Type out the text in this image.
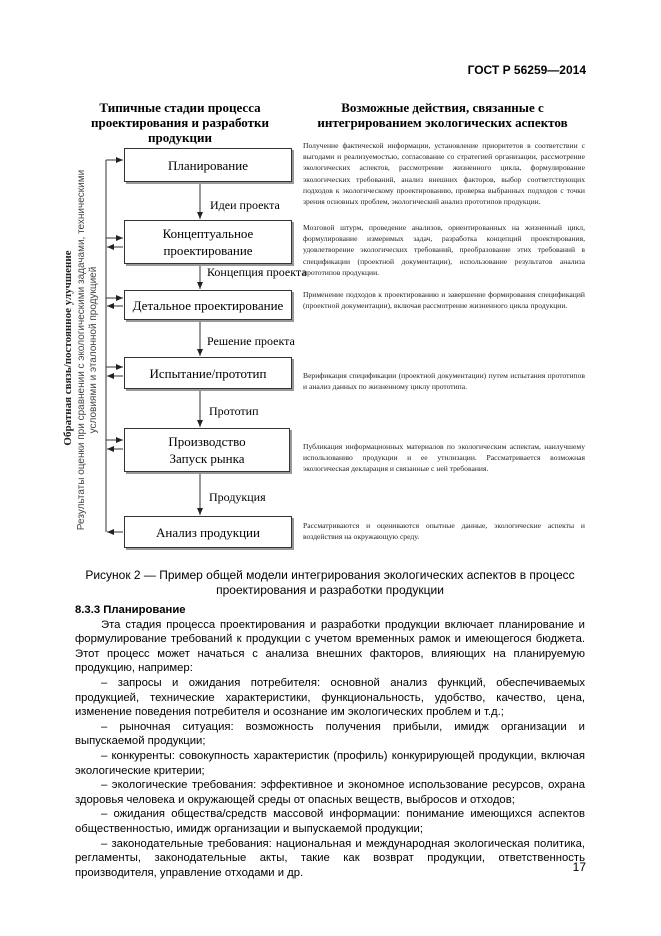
ГОСТ Р 56259—2014
Типичные стадии процесса проектирования и разработки продукции
Возможные действия, связанные с интегрированием экологических аспектов
Обратная связь/постоянное улучшение Результаты оценки при сравнении с экологическими задачами, техническими условиями и эталонной продукцией
Планирование
Концептуальное проектирование
Детальное проектирование
Испытание/прототип
Производство Запуск рынка
Анализ продукции
Идеи проекта
Концепция проекта
Решение проекта
Прототип
Продукция
Получение фактической информации, установление приоритетов в соответствии с выгодами и реализуемостью, согласование со стратегией организации, рассмотрение экологических аспектов, рассмотрение жизненного цикла, формулирование экологических требований, анализ внешних факторов, выбор соответствующих подходов к экологическому проектированию, проверка выбранных подходов с точки зрения основных проблем, экологический анализ прототипов продукции.
Мозговой штурм, проведение анализов, ориентированных на жизненный цикл, формулирование измеримых задач, разработка концепций проектирования, удовлетворение экологических требований, преобразование этих требований в спецификации (проектной документации), использование результатов анализа прототипов продукции.
Применение подходов к проектированию и завершение формирования спецификаций (проектной документации), включая рассмотрение жизненного цикла продукции.
Верификация спецификации (проектной документации) путем испытания прототипов и анализ данных по жизненному циклу прототипа.
Публикация информационных материалов по экологическим аспектам, наилучшему использованию продукции и ее утилизации. Рассматривается возможная экологическая декларация и связанные с ней требования.
Рассматриваются и оцениваются опытные данные, экологические аспекты и воздействия на окружающую среду.
Рисунок 2 — Пример общей модели интегрирования экологических аспектов в процесс проектирования и разработки продукции
8.3.3 Планирование

Эта стадия процесса проектирования и разработки продукции включает планирование и формулирование требований к продукции с учетом временных рамок и имеющегося бюджета. Этот процесс может начаться с анализа внешних факторов, влияющих на планируемую продукцию, например:

– запросы и ожидания потребителя: основной анализ функций, обеспечиваемых продукцией, технические характеристики, функциональность, удобство, качество, цена, изменение поведения потребителя и осознание им экологических проблем и т.д.;

– рыночная ситуация: возможность получения прибыли, имидж организации и выпускаемой продукции;

– конкуренты: совокупность характеристик (профиль) конкурирующей продукции, включая экологические критерии;

– экологические требования: эффективное и экономное использование ресурсов, охрана здоровья человека и окружающей среды от опасных веществ, выбросов и отходов;

– ожидания общества/средств массовой информации: понимание имеющихся аспектов общественностью, имидж организации и выпускаемой продукции;

– законодательные требования: национальная и международная экологическая политика, регламенты, законодательные акты, такие как возврат продукции, ответственность производителя, управление отходами и др.	17
